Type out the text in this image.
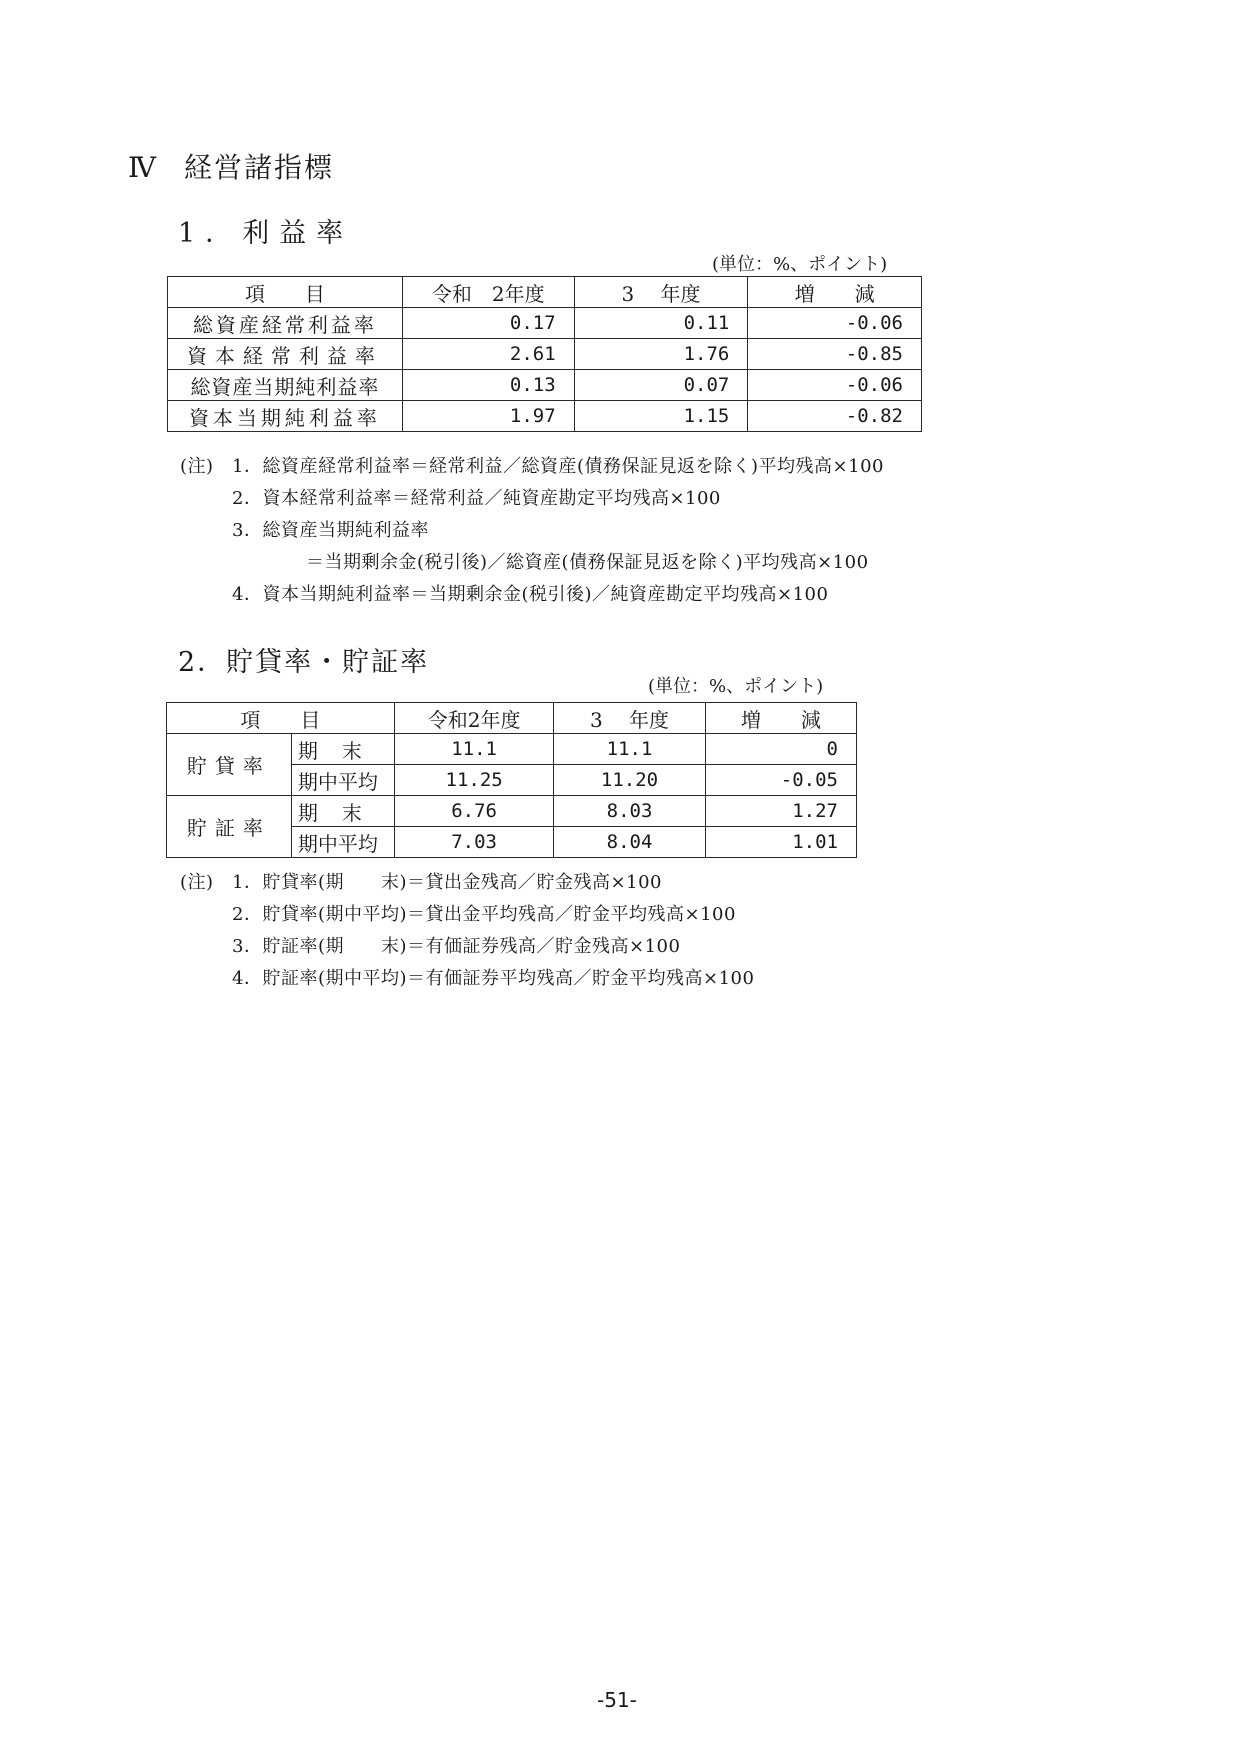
Ⅳ 経営諸指標
1．利益率
(単位：%、ポイント)
項　　目	令和　2年度	3　 年度	増　　減
総資産経常利益率	0.17	0.11	-0.06
資本経常利益率	2.61	1.76	-0.85
総資産当期純利益率	0.13	0.07	-0.06
資本当期純利益率	1.97	1.15	-0.82
(注)　1．総資産経常利益率＝経常利益／総資産(債務保証見返を除く)平均残高×100
2．資本経常利益率＝経常利益／純資産勘定平均残高×100
3．総資産当期純利益率
＝当期剰余金(税引後)／総資産(債務保証見返を除く)平均残高×100
4．資本当期純利益率＝当期剰余金(税引後)／純資産勘定平均残高×100
2．貯貸率・貯証率
(単位：%、ポイント)
項　　目		令和2年度	3　 年度	増　　減
貯貸率	期末	11.1	11.1	0
	期中平均	11.25	11.20	-0.05
貯証率	期末	6.76	8.03	1.27
	期中平均	7.03	8.04	1.01
(注)　1．貯貸率(期　　末)＝貸出金残高／貯金残高×100
2．貯貸率(期中平均)＝貸出金平均残高／貯金平均残高×100
3．貯証率(期　　末)＝有価証券残高／貯金残高×100
4．貯証率(期中平均)＝有価証券平均残高／貯金平均残高×100
-51-
